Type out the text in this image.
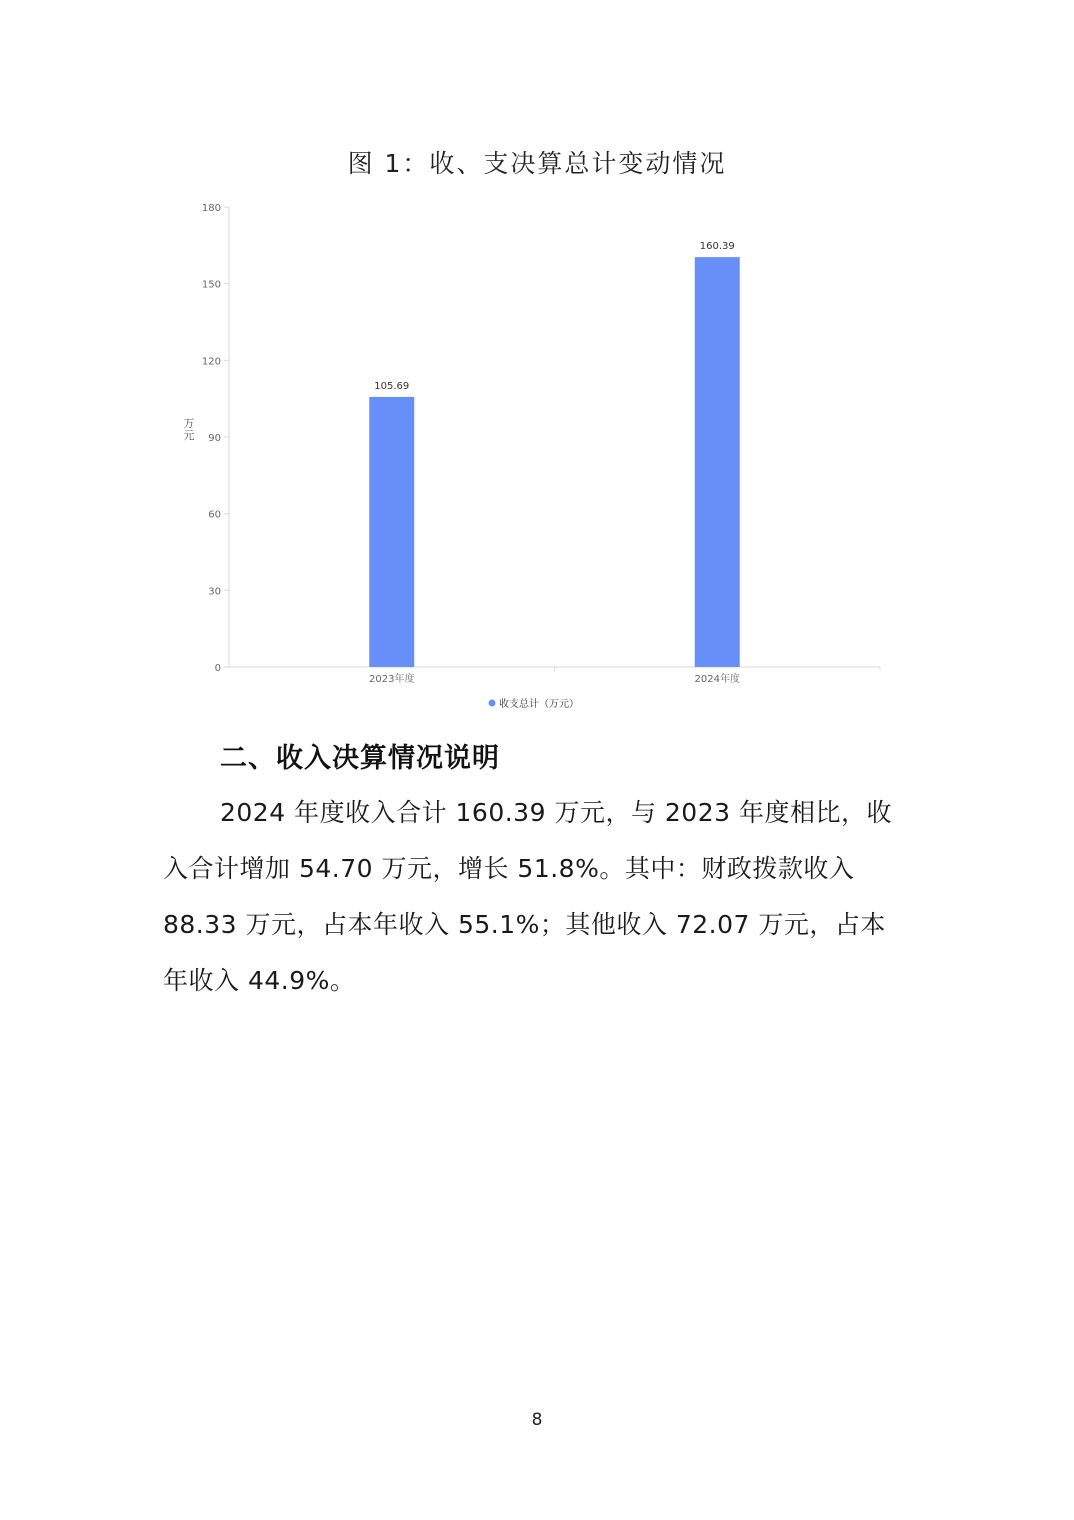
图 1：收、支决算总计变动情况
0
30
60
90
120
150
180
万元
105.69
160.39
2023年度	2024年度
收支总计（万元）
二、收入决算情况说明
2024 年度收入合计 160.39 万元，与 2023 年度相比，收
入合计增加 54.70 万元，增长 51.8%。其中：财政拨款收入
88.33 万元，占本年收入 55.1%；其他收入 72.07 万元，占本
年收入 44.9%。
8
